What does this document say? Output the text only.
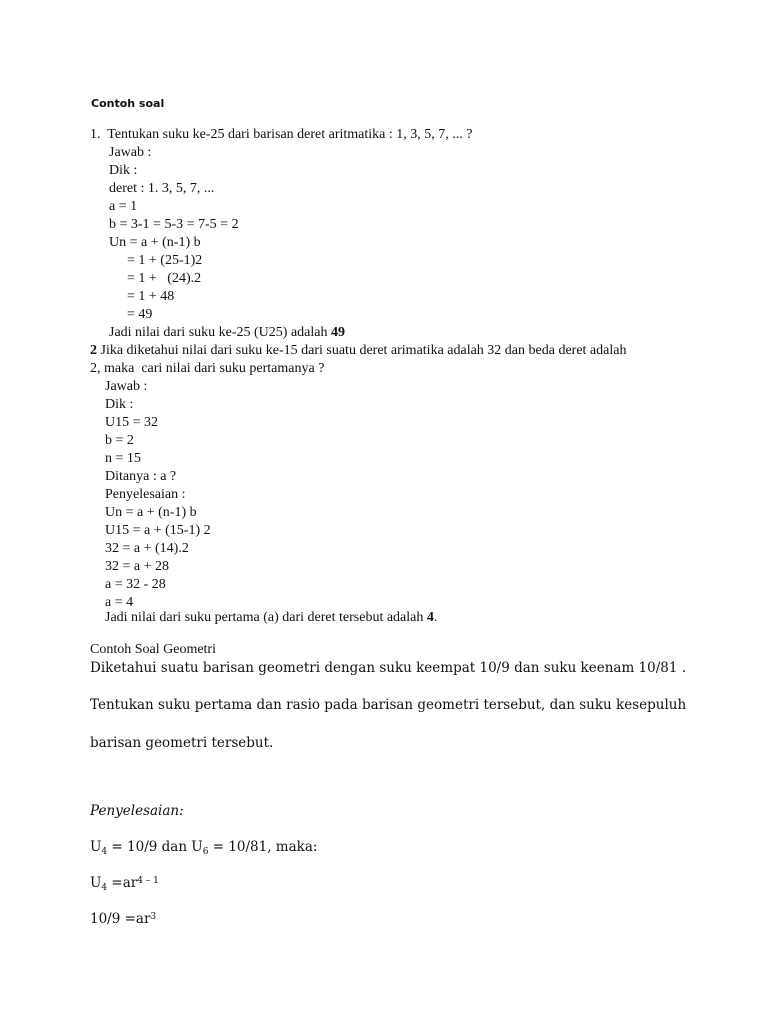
Contoh soal
1.  Tentukan suku ke-25 dari barisan deret aritmatika : 1, 3, 5, 7, ... ?
Jawab :
Dik :
deret : 1. 3, 5, 7, ...
a = 1
b = 3-1 = 5-3 = 7-5 = 2
Un = a + (n-1) b
= 1 + (25-1)2
= 1 +   (24).2
= 1 + 48
= 49
Jadi nilai dari suku ke-25 (U25) adalah 49
2 Jika diketahui nilai dari suku ke-15 dari suatu deret arimatika adalah 32 dan beda deret adalah
2, maka  cari nilai dari suku pertamanya ?
Jawab :
Dik :
U15 = 32
b = 2
n = 15
Ditanya : a ?
Penyelesaian :
Un = a + (n-1) b
U15 = a + (15-1) 2
32 = a + (14).2
32 = a + 28
a = 32 - 28
a = 4
Jadi nilai dari suku pertama (a) dari deret tersebut adalah 4.
Contoh Soal Geometri
Diketahui suatu barisan geometri dengan suku keempat 10/9 dan suku keenam 10/81 .
Tentukan suku pertama dan rasio pada barisan geometri tersebut, dan suku kesepuluh
barisan geometri tersebut.
Penyelesaian:
$U_4 = 10/9$ dan $U_6 = 10/81$, maka:
$U_4 =ar^{4 - 1}$
$10/9 =ar^3$
